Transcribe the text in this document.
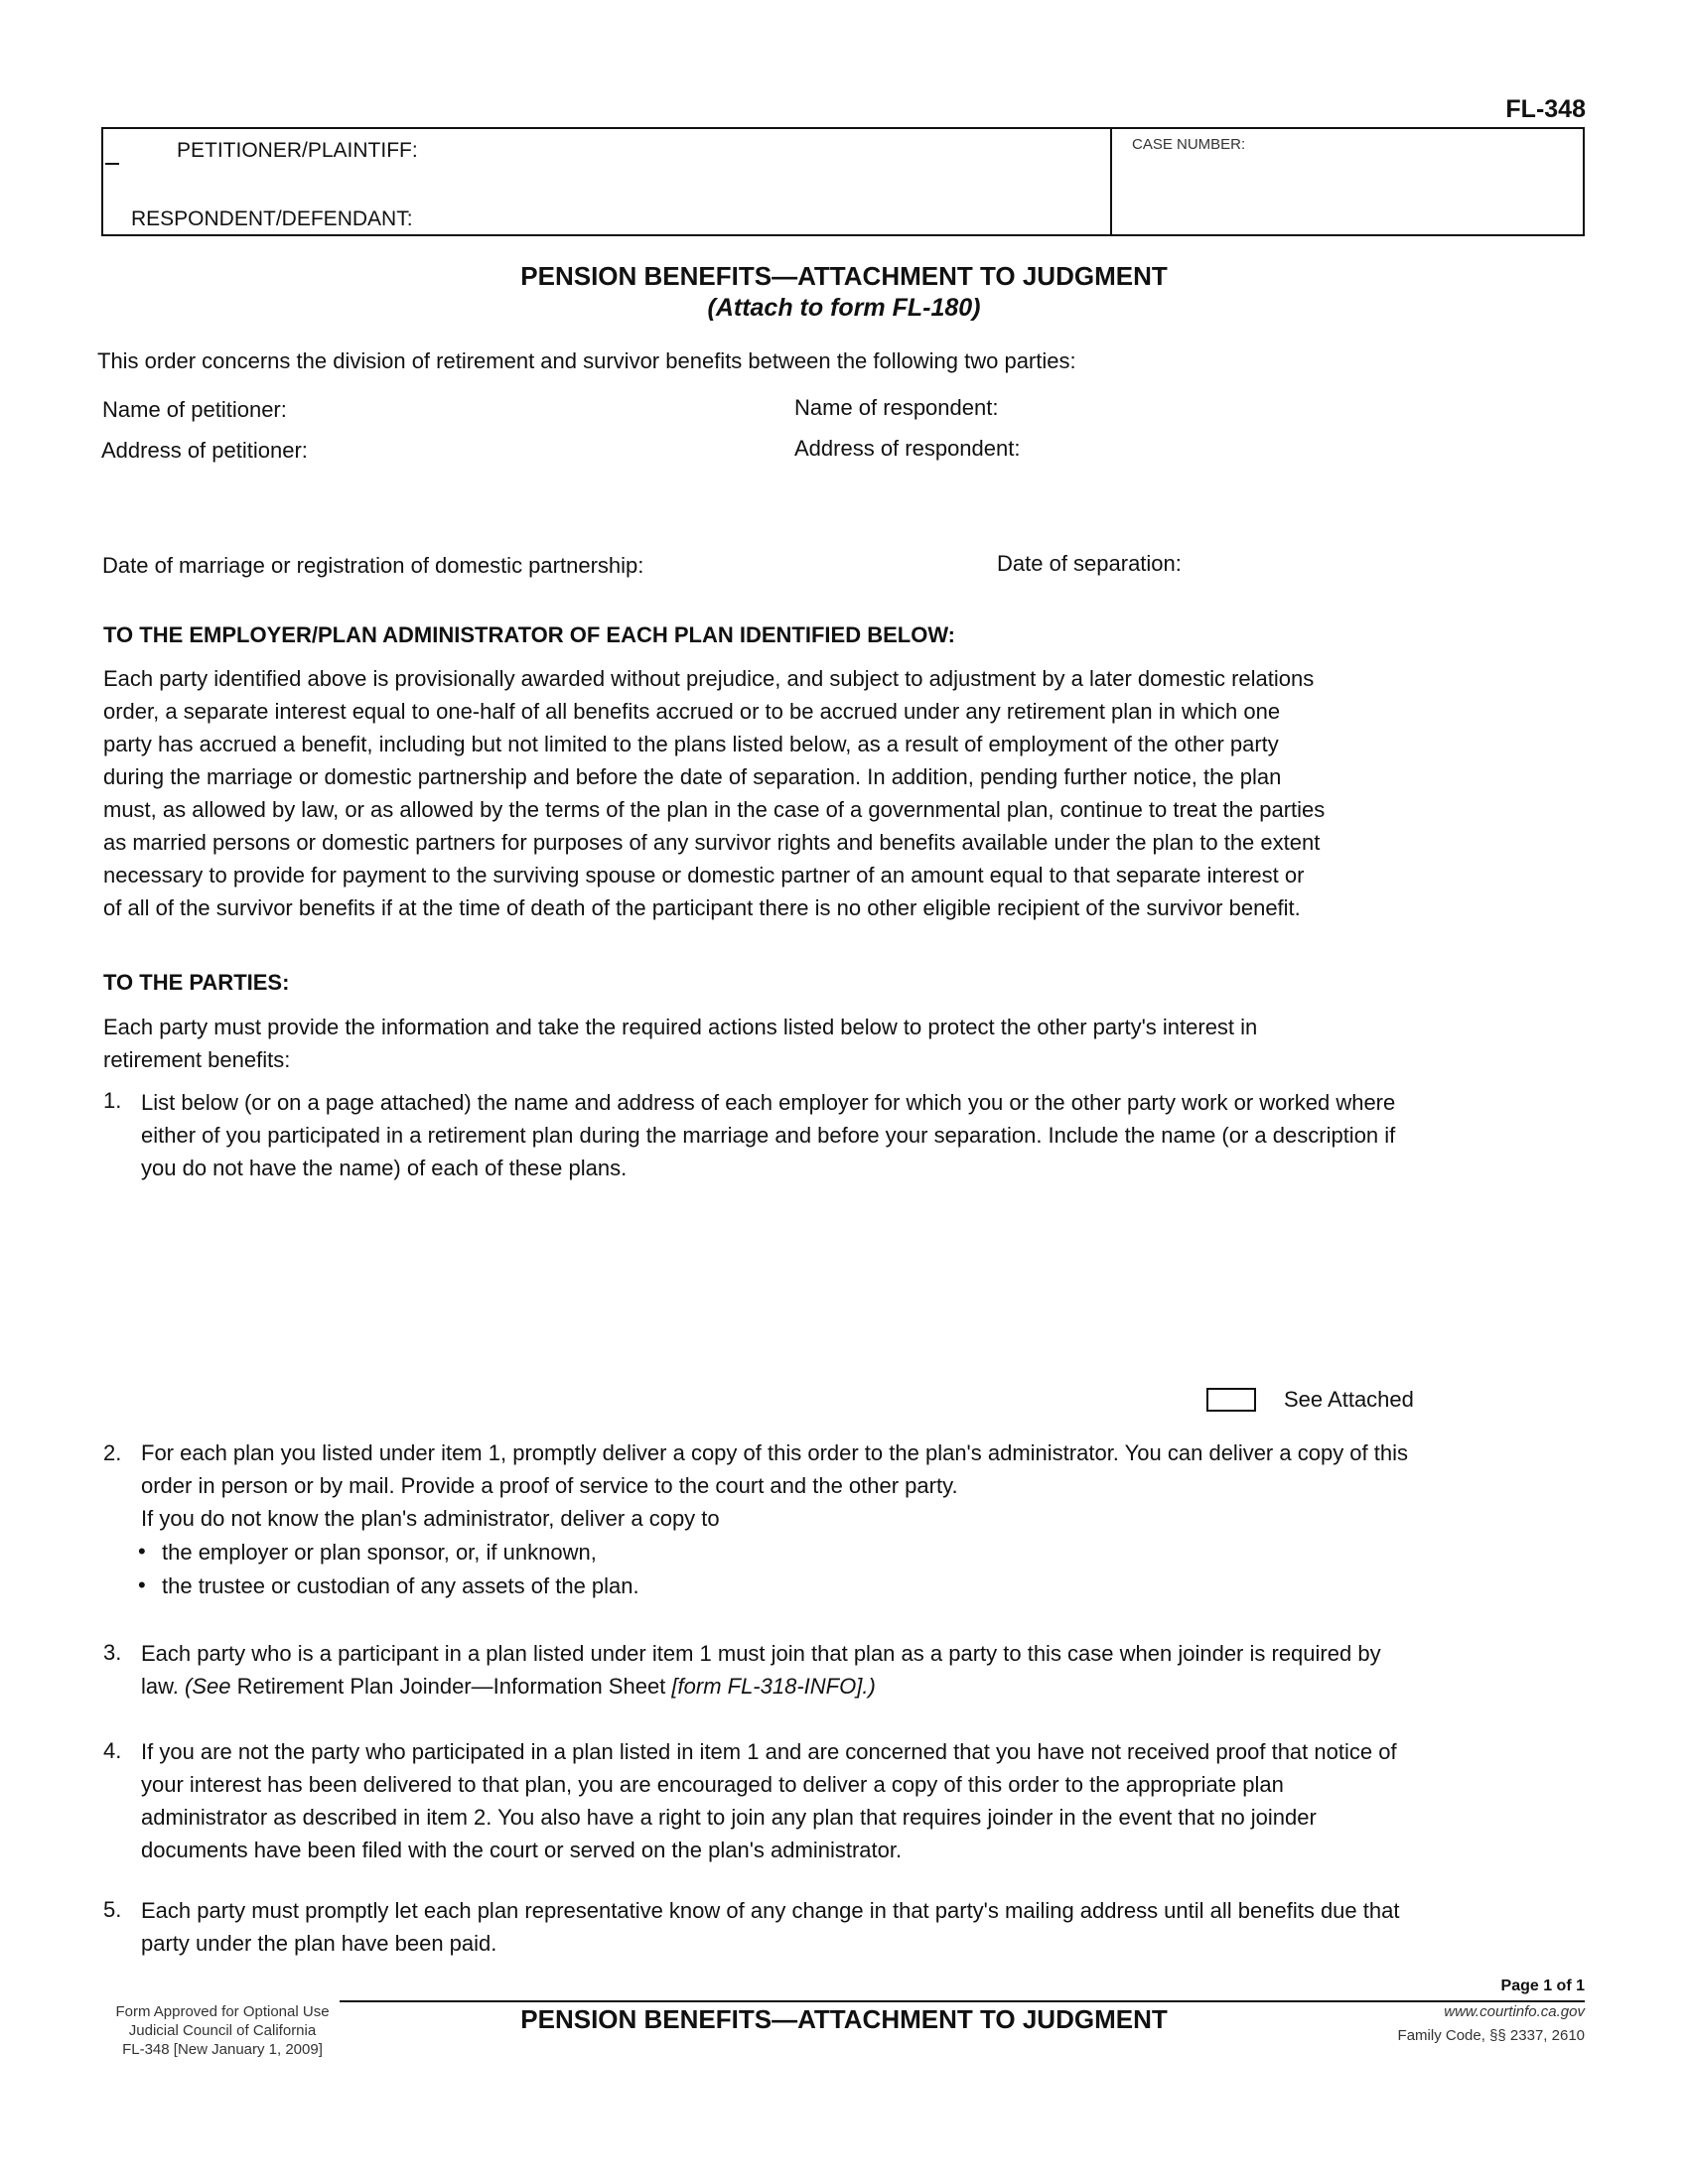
FL-348
PETITIONER/PLAINTIFF:
RESPONDENT/DEFENDANT:
CASE NUMBER:
PENSION BENEFITS—ATTACHMENT TO JUDGMENT
(Attach to form FL-180)
This order concerns the division of retirement and survivor benefits between the following two parties:
Name of petitioner:	Name of respondent:
Address of petitioner:	Address of respondent:
Date of marriage or registration of domestic partnership:	Date of separation:
TO THE EMPLOYER/PLAN ADMINISTRATOR OF EACH PLAN IDENTIFIED BELOW:
Each party identified above is provisionally awarded without prejudice, and subject to adjustment by a later domestic relations
order, a separate interest equal to one-half of all benefits accrued or to be accrued under any retirement plan in which one
party has accrued a benefit, including but not limited to the plans listed below, as a result of employment of the other party
during the marriage or domestic partnership and before the date of separation. In addition, pending further notice, the plan
must, as allowed by law, or as allowed by the terms of the plan in the case of a governmental plan, continue to treat the parties
as married persons or domestic partners for purposes of any survivor rights and benefits available under the plan to the extent
necessary to provide for payment to the surviving spouse or domestic partner of an amount equal to that separate interest or
of all of the survivor benefits if at the time of death of the participant there is no other eligible recipient of the survivor benefit.
TO THE PARTIES:
Each party must provide the information and take the required actions listed below to protect the other party's interest in
retirement benefits:
1. List below (or on a page attached) the name and address of each employer for which you or the other party work or worked where
either of you participated in a retirement plan during the marriage and before your separation. Include the name (or a description if
you do not have the name) of each of these plans.
See Attached
2. For each plan you listed under item 1, promptly deliver a copy of this order to the plan's administrator. You can deliver a copy of this
order in person or by mail. Provide a proof of service to the court and the other party.
If you do not know the plan's administrator, deliver a copy to
• the employer or plan sponsor, or, if unknown,
• the trustee or custodian of any assets of the plan.
3. Each party who is a participant in a plan listed under item 1 must join that plan as a party to this case when joinder is required by
law. (See Retirement Plan Joinder—Information Sheet [form FL-318-INFO].)
4. If you are not the party who participated in a plan listed in item 1 and are concerned that you have not received proof that notice of
your interest has been delivered to that plan, you are encouraged to deliver a copy of this order to the appropriate plan
administrator as described in item 2. You also have a right to join any plan that requires joinder in the event that no joinder
documents have been filed with the court or served on the plan's administrator.
5. Each party must promptly let each plan representative know of any change in that party's mailing address until all benefits due that
party under the plan have been paid.
Page 1 of 1
Form Approved for Optional Use
Judicial Council of California
FL-348 [New January 1, 2009]
PENSION BENEFITS—ATTACHMENT TO JUDGMENT	www.courtinfo.ca.gov
Family Code, §§ 2337, 2610
